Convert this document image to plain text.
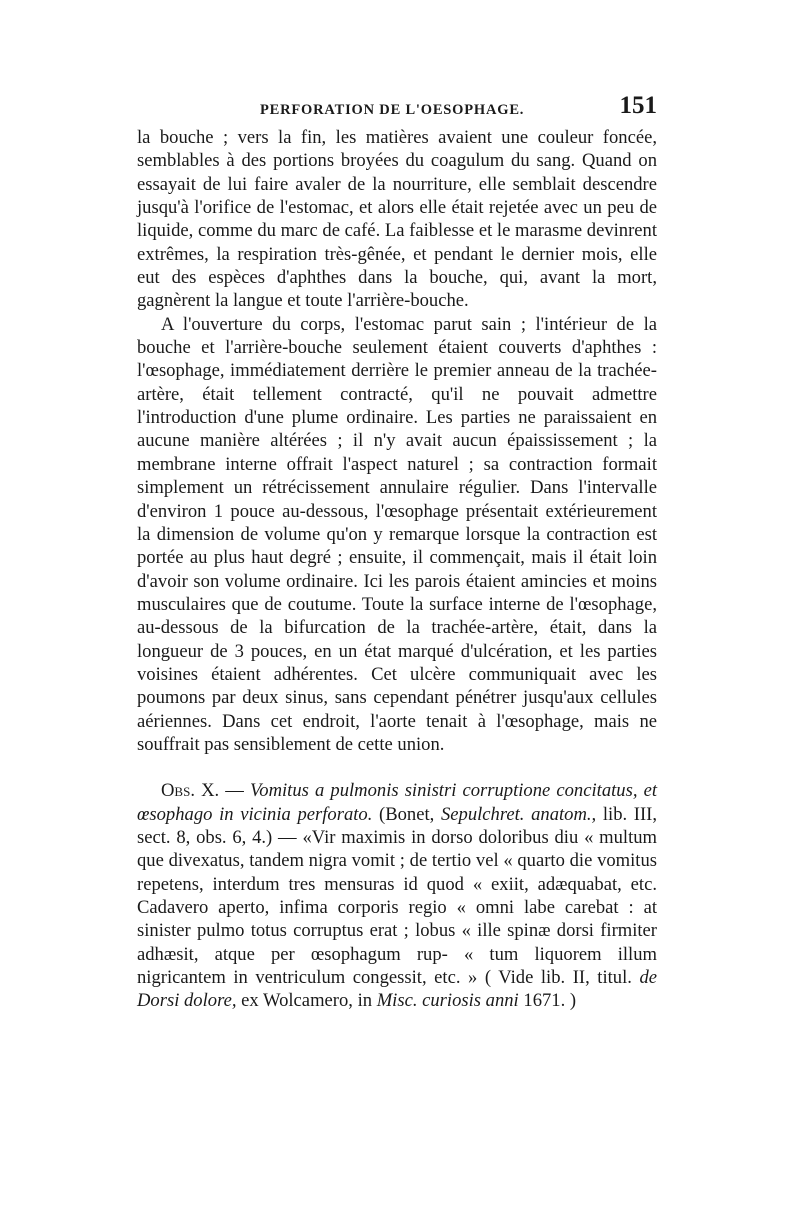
PERFORATION DE L'OESOPHAGE.	151

la bouche ; vers la fin, les matières avaient une couleur foncée, semblables à des portions broyées du coagulum du sang. Quand on essayait de lui faire avaler de la nourriture, elle semblait descendre jusqu'à l'orifice de l'estomac, et alors elle était rejetée avec un peu de liquide, comme du marc de café. La faiblesse et le marasme devinrent extrêmes, la respiration très-gênée, et pendant le dernier mois, elle eut des espèces d'aphthes dans la bouche, qui, avant la mort, gagnèrent la langue et toute l'arrière-bouche.

A l'ouverture du corps, l'estomac parut sain ; l'intérieur de la bouche et l'arrière-bouche seulement étaient couverts d'aphthes : l'œsophage, immédiatement derrière le premier anneau de la trachée-artère, était tellement contracté, qu'il ne pouvait admettre l'introduction d'une plume ordinaire. Les parties ne paraissaient en aucune manière altérées ; il n'y avait aucun épaississement ; la membrane interne offrait l'aspect naturel ; sa contraction formait simplement un rétrécissement annulaire régulier. Dans l'intervalle d'environ 1 pouce au-dessous, l'œsophage présentait extérieurement la dimension de volume qu'on y remarque lorsque la contraction est portée au plus haut degré ; ensuite, il commençait, mais il était loin d'avoir son volume ordinaire. Ici les parois étaient amincies et moins musculaires que de coutume. Toute la surface interne de l'œsophage, au-dessous de la bifurcation de la trachée-artère, était, dans la longueur de 3 pouces, en un état marqué d'ulcération, et les parties voisines étaient adhérentes. Cet ulcère communiquait avec les poumons par deux sinus, sans cependant pénétrer jusqu'aux cellules aériennes. Dans cet endroit, l'aorte tenait à l'œsophage, mais ne souffrait pas sensiblement de cette union.

Obs. X. — Vomitus a pulmonis sinistri corruptione concitatus, et œsophago in vicinia perforato. (Bonet, Sepulchret. anatom., lib. III, sect. 8, obs. 6, 4.) — «Vir maximis in dorso doloribus diu « multum que divexatus, tandem nigra vomit ; de tertio vel « quarto die vomitus repetens, interdum tres mensuras id quod « exiit, adæquabat, etc. Cadavero aperto, infima corporis regio « omni labe carebat : at sinister pulmo totus corruptus erat ; lobus « ille spinæ dorsi firmiter adhæsit, atque per œsophagum rup- « tum liquorem illum nigricantem in ventriculum congessit, etc. » ( Vide lib. II, titul. de Dorsi dolore, ex Wolcamero, in Misc. curiosis anni 1671. )
